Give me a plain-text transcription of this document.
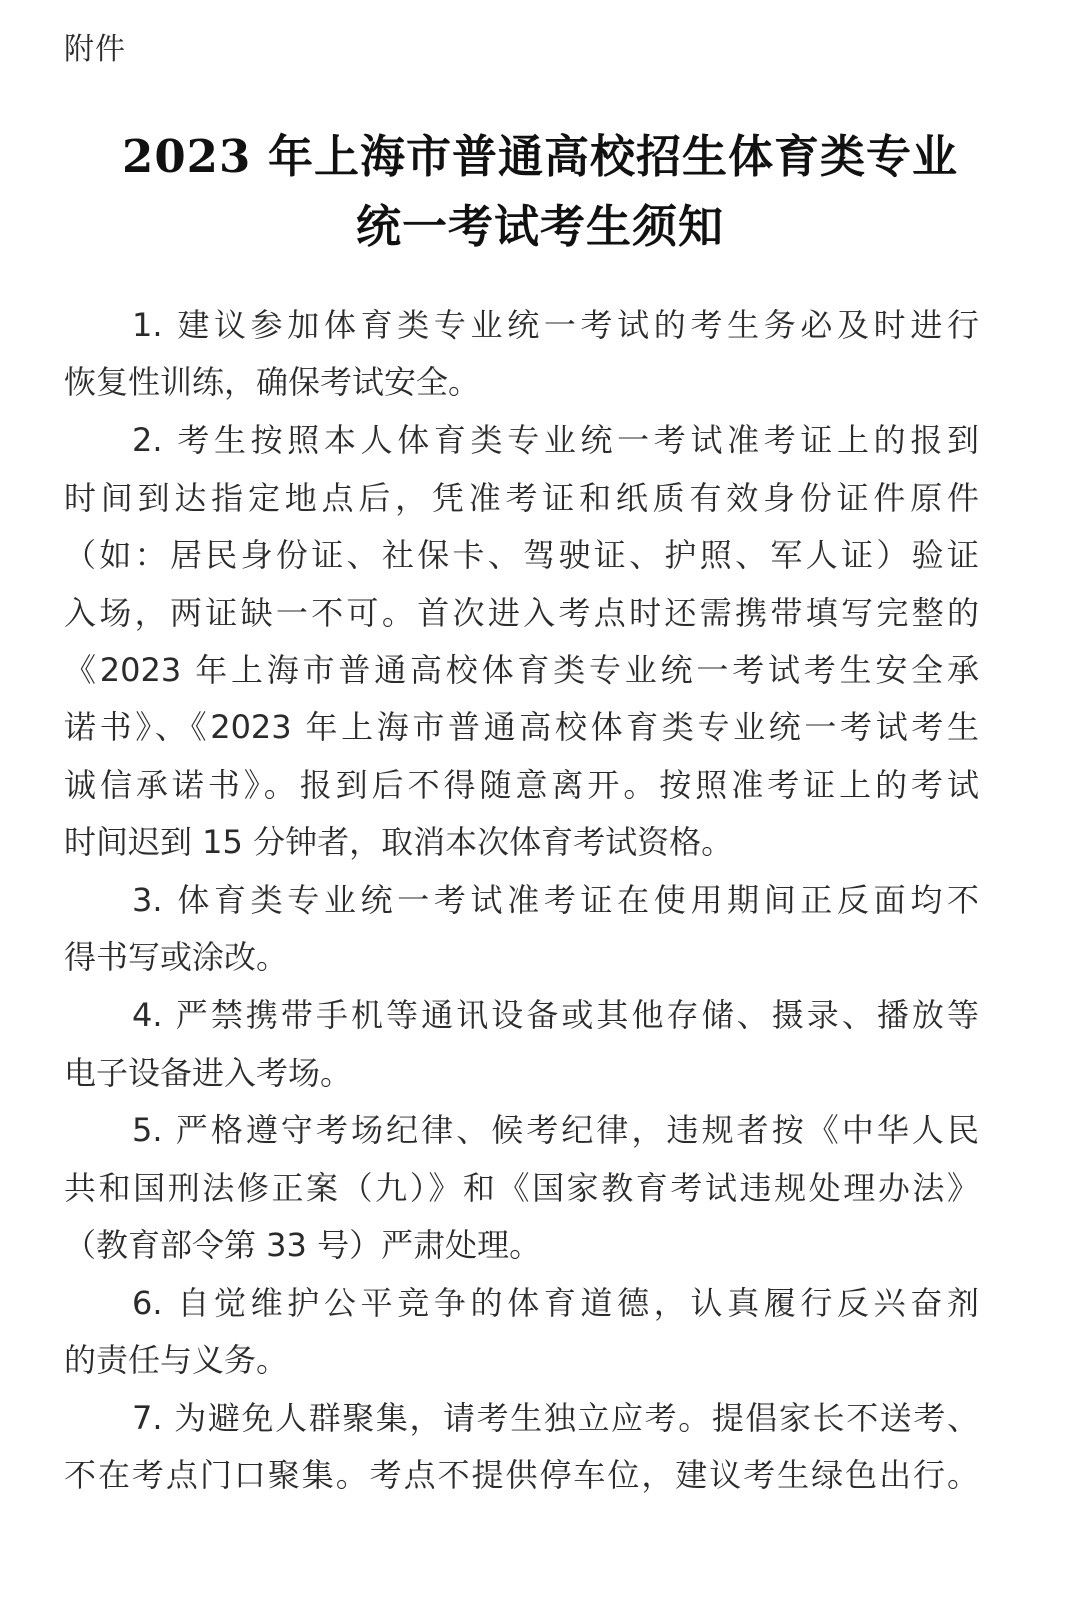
附件
2023 年上海市普通高校招生体育类专业
统一考试考生须知
1. 建议参加体育类专业统一考试的考生务必及时进行
恢复性训练，确保考试安全。
2. 考生按照本人体育类专业统一考试准考证上的报到
时间到达指定地点后，凭准考证和纸质有效身份证件原件
（如：居民身份证、社保卡、驾驶证、护照、军人证）验证
入场，两证缺一不可。首次进入考点时还需携带填写完整的
《2023 年上海市普通高校体育类专业统一考试考生安全承
诺书》、《2023 年上海市普通高校体育类专业统一考试考生
诚信承诺书》。报到后不得随意离开。按照准考证上的考试
时间迟到 15 分钟者，取消本次体育考试资格。
3. 体育类专业统一考试准考证在使用期间正反面均不
得书写或涂改。
4. 严禁携带手机等通讯设备或其他存储、摄录、播放等
电子设备进入考场。
5. 严格遵守考场纪律、候考纪律，违规者按《中华人民
共和国刑法修正案（九）》和《国家教育考试违规处理办法》
（教育部令第 33 号）严肃处理。
6. 自觉维护公平竞争的体育道德，认真履行反兴奋剂
的责任与义务。
7. 为避免人群聚集，请考生独立应考。提倡家长不送考、
不在考点门口聚集。考点不提供停车位，建议考生绿色出行。
